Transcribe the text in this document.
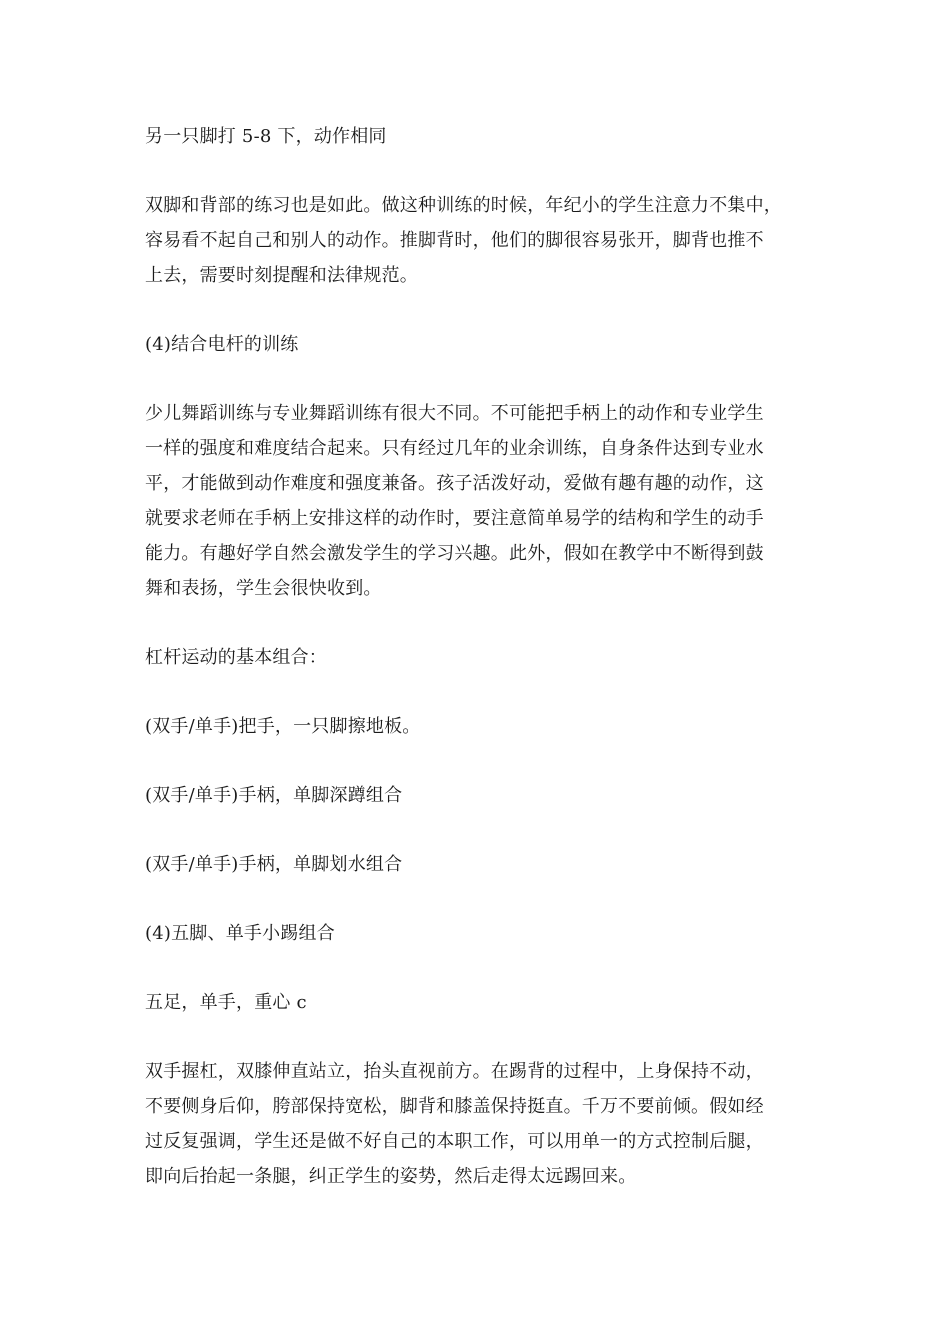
另一只脚打 5-8 下，动作相同

双脚和背部的练习也是如此。做这种训练的时候，年纪小的学生注意力不集中，
容易看不起自己和别人的动作。推脚背时，他们的脚很容易张开，脚背也推不
上去，需要时刻提醒和法律规范。

(4)结合电杆的训练

少儿舞蹈训练与专业舞蹈训练有很大不同。不可能把手柄上的动作和专业学生
一样的强度和难度结合起来。只有经过几年的业余训练，自身条件达到专业水
平，才能做到动作难度和强度兼备。孩子活泼好动，爱做有趣有趣的动作，这
就要求老师在手柄上安排这样的动作时，要注意简单易学的结构和学生的动手
能力。有趣好学自然会激发学生的学习兴趣。此外，假如在教学中不断得到鼓
舞和表扬，学生会很快收到。

杠杆运动的基本组合：

(双手/单手)把手，一只脚擦地板。

(双手/单手)手柄，单脚深蹲组合

(双手/单手)手柄，单脚划水组合

(4)五脚、单手小踢组合

五足，单手，重心 c

双手握杠，双膝伸直站立，抬头直视前方。在踢背的过程中，上身保持不动，
不要侧身后仰，胯部保持宽松，脚背和膝盖保持挺直。千万不要前倾。假如经
过反复强调，学生还是做不好自己的本职工作，可以用单一的方式控制后腿，
即向后抬起一条腿，纠正学生的姿势，然后走得太远踢回来。
